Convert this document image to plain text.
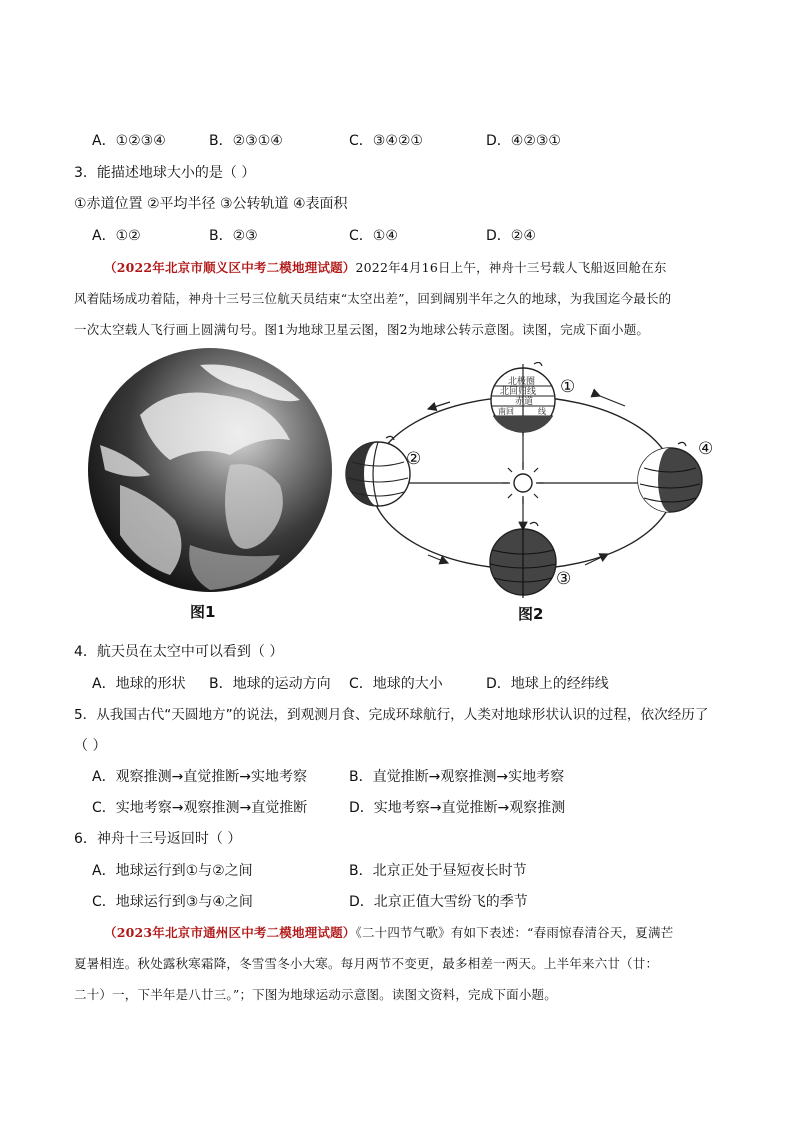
A．①②③④	B．②③①④	C．③④②①	D．④②③①
3．能描述地球大小的是（ ）
①赤道位置 ②平均半径 ③公转轨道 ④表面积
A．①②	B．②③	C．①④	D．②④
（2022年北京市顺义区中考二模地理试题）2022年4月16日上午，神舟十三号载人飞船返回舱在东
风着陆场成功着陆，神舟十三号三位航天员结束“太空出差”，回到阔别半年之久的地球，为我国迄今最长的
一次太空载人飞行画上圆满句号。图1为地球卫星云图，图2为地球公转示意图。读图，完成下面小题。
图1
北极圈
北回归线
赤道
南回	线
①
②
③
④
图2
4．航天员在太空中可以看到（ ）
A．地球的形状 B．地球的运动方向 C．地球的大小	D．地球上的经纬线
5．从我国古代“天圆地方”的说法，到观测月食、完成环球航行，人类对地球形状认识的过程，依次经历了
（ ）
A．观察推测→直觉推断→实地考察	B．直觉推断→观察推测→实地考察
C．实地考察→观察推测→直觉推断	D．实地考察→直觉推断→观察推测
6．神舟十三号返回时（ ）
A．地球运行到①与②之间	B．北京正处于昼短夜长时节
C．地球运行到③与④之间	D．北京正值大雪纷飞的季节
（2023年北京市通州区中考二模地理试题）《二十四节气歌》有如下表述：“春雨惊春清谷天，夏满芒
夏暑相连。秋处露秋寒霜降，冬雪雪冬小大寒。每月两节不变更，最多相差一两天。上半年来六廿（廿：
二十）一，下半年是八廿三。”；下图为地球运动示意图。读图文资料，完成下面小题。
